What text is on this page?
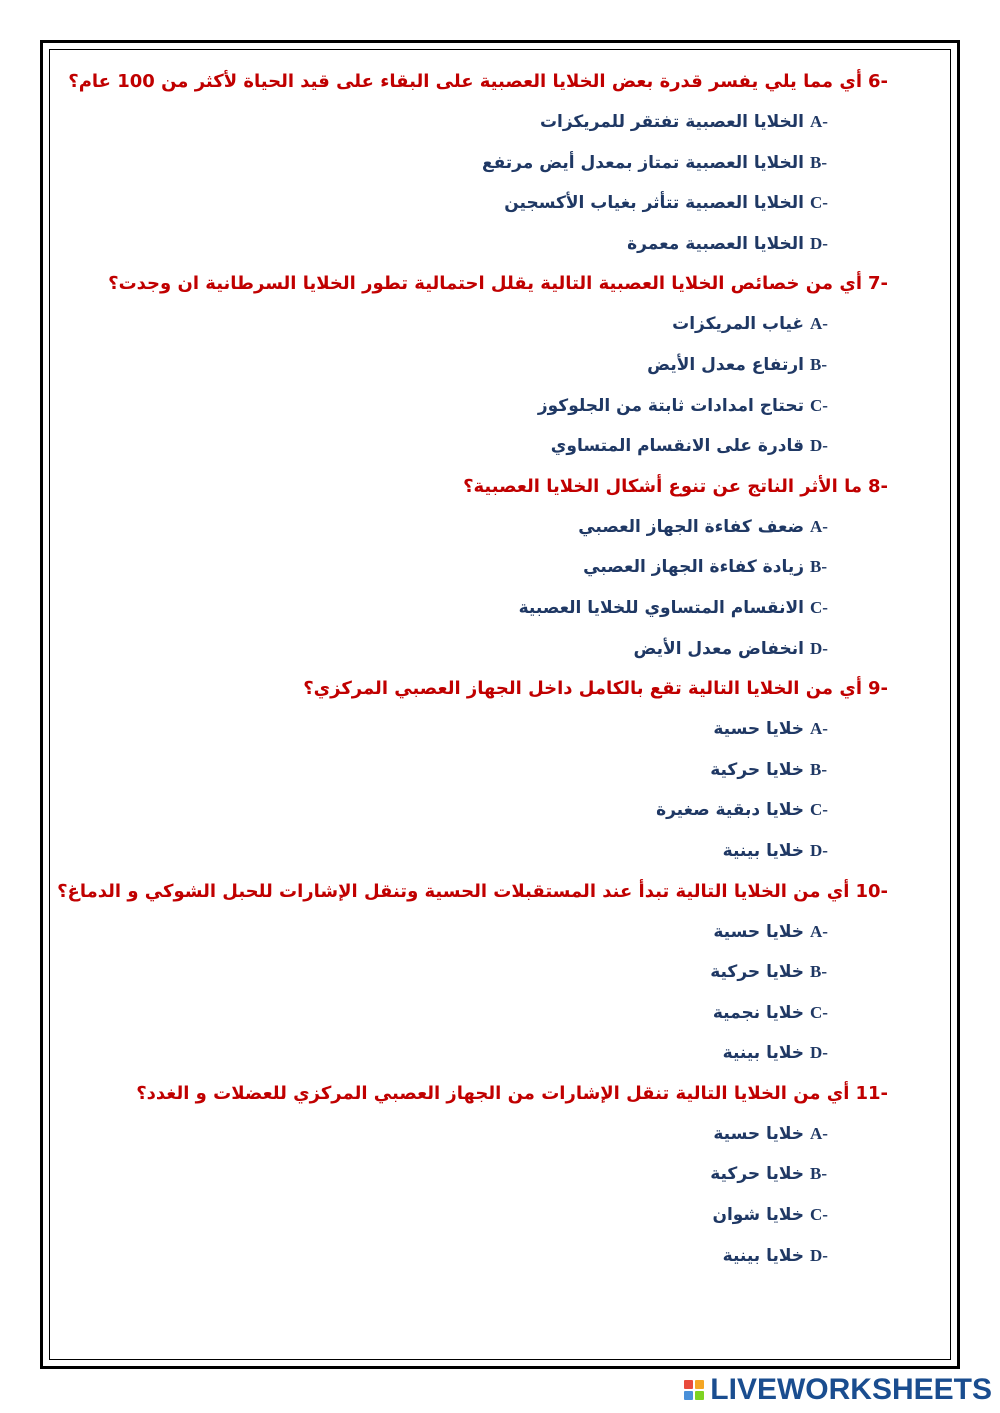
6-أي مما يلي يفسر قدرة بعض الخلايا العصبية على البقاء على قيد الحياة لأكثر من 100 عام؟
A-الخلايا العصبية تفتقر للمريكزات
B-الخلايا العصبية تمتاز بمعدل أيض مرتفع
C-الخلايا العصبية تتأثر بغياب الأكسجين
D-الخلايا العصبية معمرة
7-أي من خصائص الخلايا العصبية التالية يقلل احتمالية تطور الخلايا السرطانية ان وجدت؟
A-غياب المريكزات
B-ارتفاع معدل الأيض
C-تحتاج امدادات ثابتة من الجلوكوز
D-قادرة على الانقسام المتساوي
8-ما الأثر الناتج عن تنوع أشكال الخلايا العصبية؟
A-ضعف كفاءة الجهاز العصبي
B-زيادة كفاءة الجهاز العصبي
C-الانقسام المتساوي للخلايا العصبية
D-انخفاض معدل الأيض
9-أي من الخلايا التالية تقع بالكامل داخل الجهاز العصبي المركزي؟
A-خلايا حسية
B-خلايا حركية
C-خلايا دبقية صغيرة
D-خلايا بينية
10-أي من الخلايا التالية تبدأ عند المستقبلات الحسية وتنقل الإشارات للحبل الشوكي و الدماغ؟
A-خلايا حسية
B-خلايا حركية
C-خلايا نجمية
D-خلايا بينية
11-أي من الخلايا التالية تنقل الإشارات من الجهاز العصبي المركزي للعضلات و الغدد؟
A-خلايا حسية
B-خلايا حركية
C-خلايا شوان
D-خلايا بينية
LIVEWORKSHEETS
